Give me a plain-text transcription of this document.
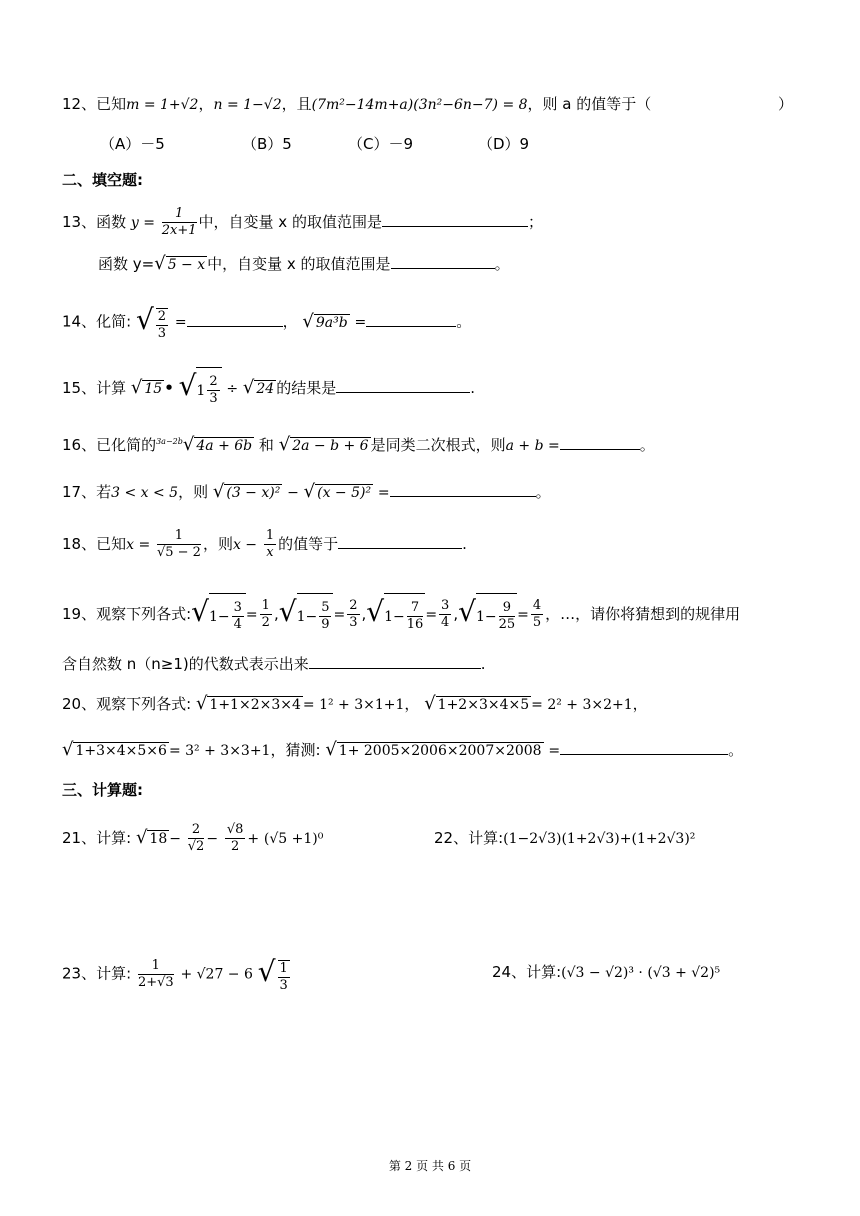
12、已知m = 1+√2，n = 1−√2，且(7m²−14m+a)(3n²−6n−7) = 8，则 a 的值等于（	）
（A）－5	（B）5	（C）－9	（D）9
二、填空题:
13、函数 $y = \frac{1}{2x+1}$ 中，自变量 x 的取值范围是	；
函数 y=√ 5 − x 中，自变量 x 的取值范围是	。
14、化简: √ $\frac{2}{3}$ =	， √ 9a³b =	。
15、计算 √ 15 • $√1 \frac{2}{3}$ ÷ √ 24 的结果是	.
16、已化简的$^{3a-2b}$√ 4a + 6b 和 √ 2a − b + 6 是同类二次根式，则a + b =	。
17、若3 < x < 5，则 √ (3 − x)² − √ (x − 5)² =	。
18、已知$x = \frac{1}{√5 - 2}$ ，则$x - \frac{1}{x}$ 的值等于	.
19、观察下列各式:√1− $\frac{3}{4} = \frac{1}{2} ,√1- \frac{5}{9} = \frac{2}{3} ,√1- \frac{7}{16} = \frac{3}{4} ,√1- \frac{9}{25} = \frac{4}{5}$ ，…，请你将猜想到的规律用
含自然数 n（n≥1)的代数式表示出来	.
20、观察下列各式: √ 1+1×2×3×4 = 1² + 3×1+1， √ 1+2×3×4×5 = 2² + 3×2+1，
√ 1+3×4×5×6 = 3² + 3×3+1，猜测: √ 1+ 2005×2006×2007×2008 =	。
三、计算题:
21、计算: √ $18 - \frac{2}{√2} - \frac{√8}{2} + (√5 +1)^0$	22、计算:(1−2√3)(1+2√3)+(1+2√3)²
23、计算: $\frac{1}{2+√3} + √27 - 6$ √ $\frac{1}{3}$	24、计算:(√3 − √2)³ · (√3 + √2)⁵
第 2 页 共 6 页
